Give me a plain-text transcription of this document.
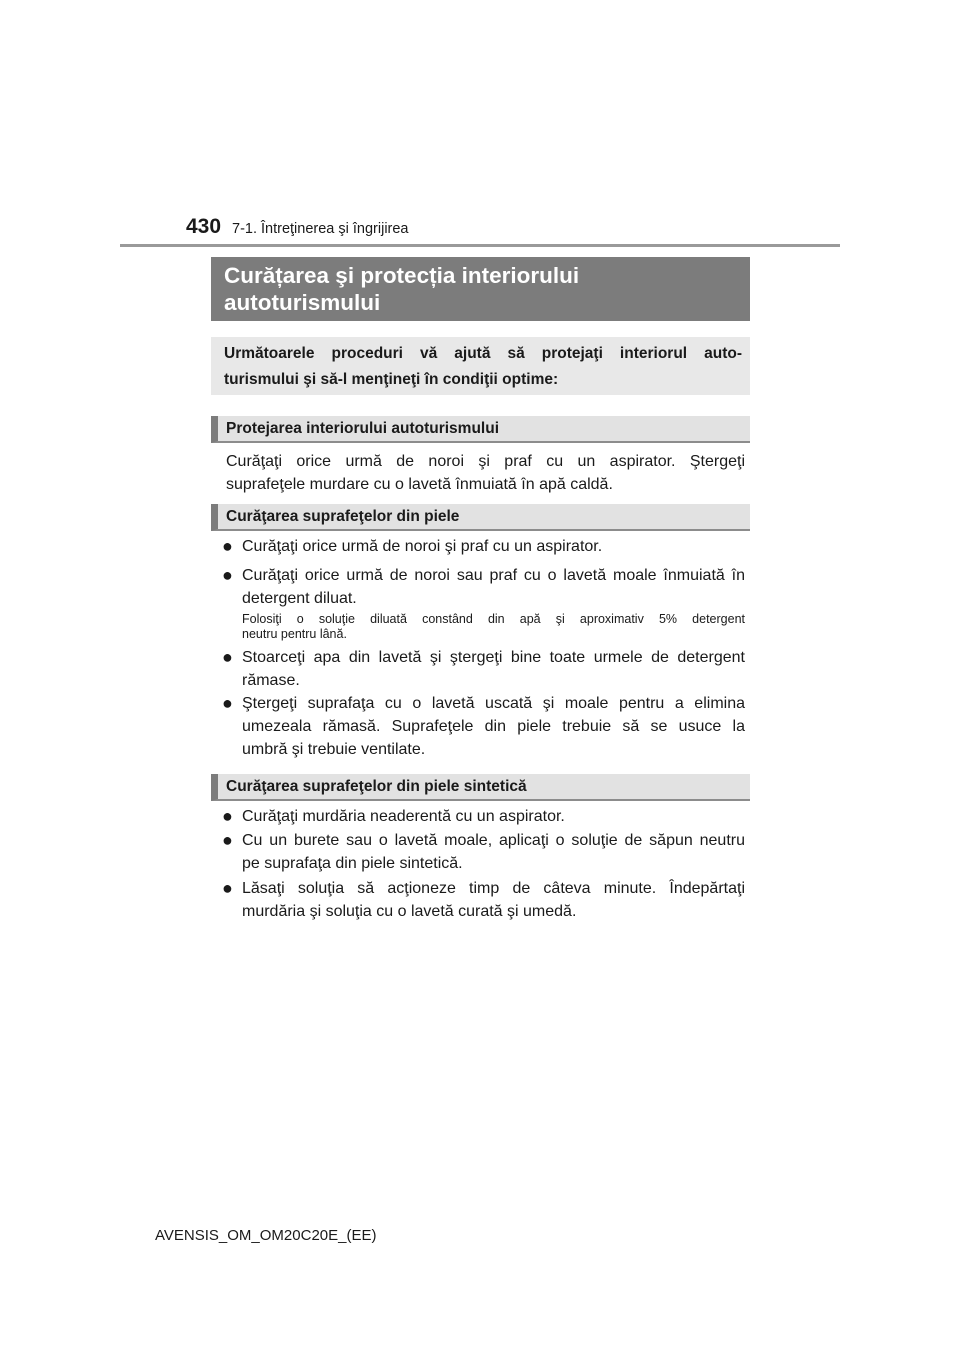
430 7-1. Întreţinerea şi îngrijirea
Curățarea şi protecția interiorului
autoturismului
Următoarele proceduri vă ajută să protejaţi interiorul auto-
turismului şi să-l menţineţi în condiţii optime:
Protejarea interiorului autoturismului
Curăţaţi orice urmă de noroi şi praf cu un aspirator. Ştergeţi
suprafeţele murdare cu o lavetă înmuiată în apă caldă.
Curăţarea suprafeţelor din piele
● Curăţaţi orice urmă de noroi şi praf cu un aspirator.
● Curăţaţi orice urmă de noroi sau praf cu o lavetă moale înmuiată în
detergent diluat.
Folosiţi o soluţie diluată constând din apă şi aproximativ 5% detergent
neutru pentru lână.
● Stoarceţi apa din lavetă şi ştergeţi bine toate urmele de detergent
rămase.
● Ştergeţi suprafaţa cu o lavetă uscată şi moale pentru a elimina
umezeala rămasă. Suprafeţele din piele trebuie să se usuce la
umbră şi trebuie ventilate.
Curăţarea suprafeţelor din piele sintetică
● Curăţaţi murdăria neaderentă cu un aspirator.
● Cu un burete sau o lavetă moale, aplicaţi o soluţie de săpun neutru
pe suprafaţa din piele sintetică.
● Lăsaţi soluţia să acţioneze timp de câteva minute. Îndepărtaţi
murdăria şi soluţia cu o lavetă curată şi umedă.
AVENSIS_OM_OM20C20E_(EE)
